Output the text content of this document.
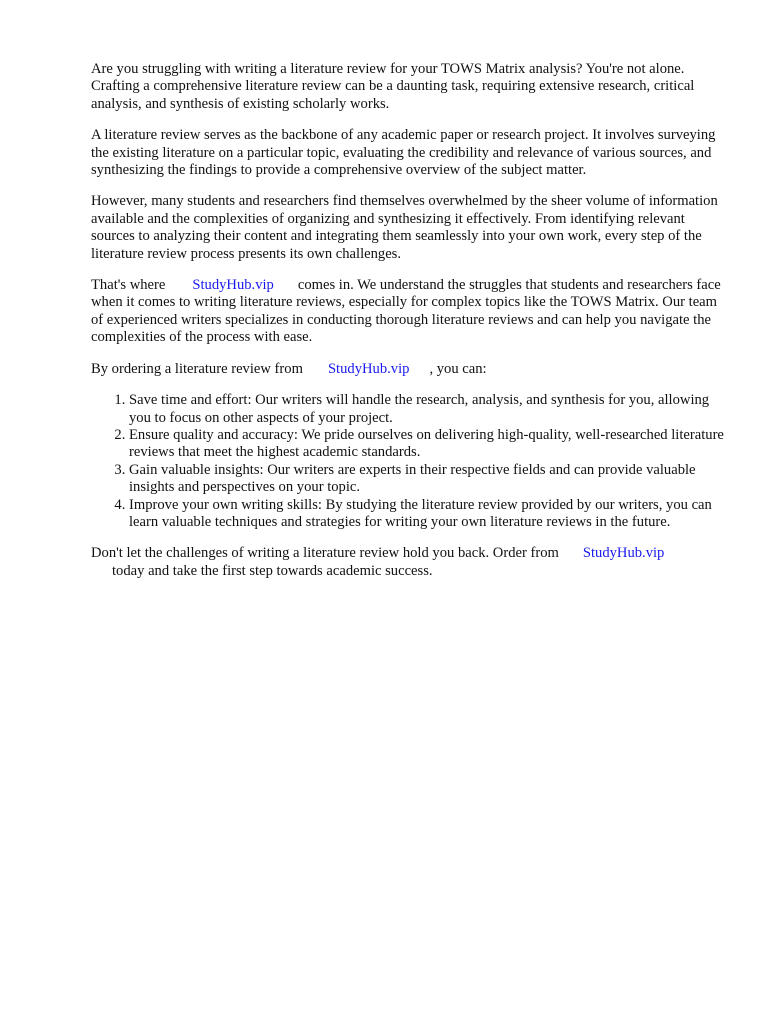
Are you struggling with writing a literature review for your TOWS Matrix analysis? You're not alone. Crafting a comprehensive literature review can be a daunting task, requiring extensive research, critical analysis, and synthesis of existing scholarly works.

A literature review serves as the backbone of any academic paper or research project. It involves surveying the existing literature on a particular topic, evaluating the credibility and relevance of various sources, and synthesizing the findings to provide a comprehensive overview of the subject matter.

However, many students and researchers find themselves overwhelmed by the sheer volume of information available and the complexities of organizing and synthesizing it effectively. From identifying relevant sources to analyzing their content and integrating them seamlessly into your own work, every step of the literature review process presents its own challenges.

That's where StudyHub.vip comes in. We understand the struggles that students and researchers face when it comes to writing literature reviews, especially for complex topics like the TOWS Matrix. Our team of experienced writers specializes in conducting thorough literature reviews and can help you navigate the complexities of the process with ease.

By ordering a literature review from StudyHub.vip , you can:

1. Save time and effort: Our writers will handle the research, analysis, and synthesis for you, allowing you to focus on other aspects of your project.
2. Ensure quality and accuracy: We pride ourselves on delivering high-quality, well-researched literature reviews that meet the highest academic standards.
3. Gain valuable insights: Our writers are experts in their respective fields and can provide valuable insights and perspectives on your topic.
4. Improve your own writing skills: By studying the literature review provided by our writers, you can learn valuable techniques and strategies for writing your own literature reviews in the future.

Don't let the challenges of writing a literature review hold you back. Order from StudyHub.vip
today and take the first step towards academic success.
